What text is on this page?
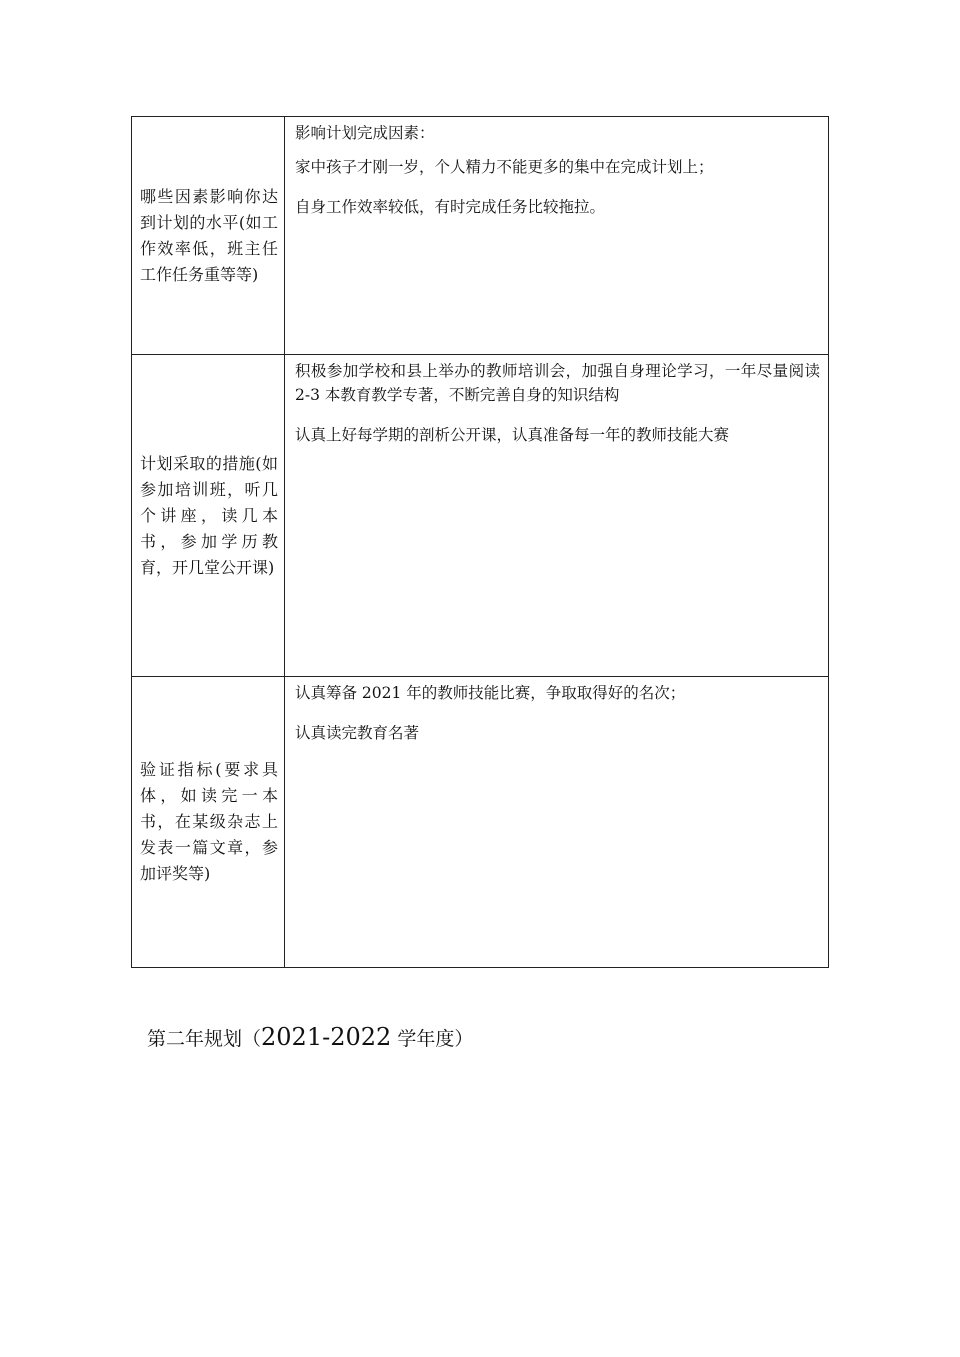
哪些因素影响你达到计划的水平(如工作效率低，班主任工作任务重等等)	影响计划完成因素：

家中孩子才刚一岁，个人精力不能更多的集中在完成计划上；

自身工作效率较低，有时完成任务比较拖拉。

计划采取的措施(如参加培训班，听几个讲座，读几本书，参加学历教育，开几堂公开课)	积极参加学校和县上举办的教师培训会，加强自身理论学习，一年尽量阅读 2-3 本教育教学专著，不断完善自身的知识结构

认真上好每学期的剖析公开课，认真准备每一年的教师技能大赛

验证指标(要求具体，如读完一本书，在某级杂志上发表一篇文章，参加评奖等)	认真筹备 2021 年的教师技能比赛，争取取得好的名次；

认真读完教育名著

第二年规划（2021-2022 学年度）
